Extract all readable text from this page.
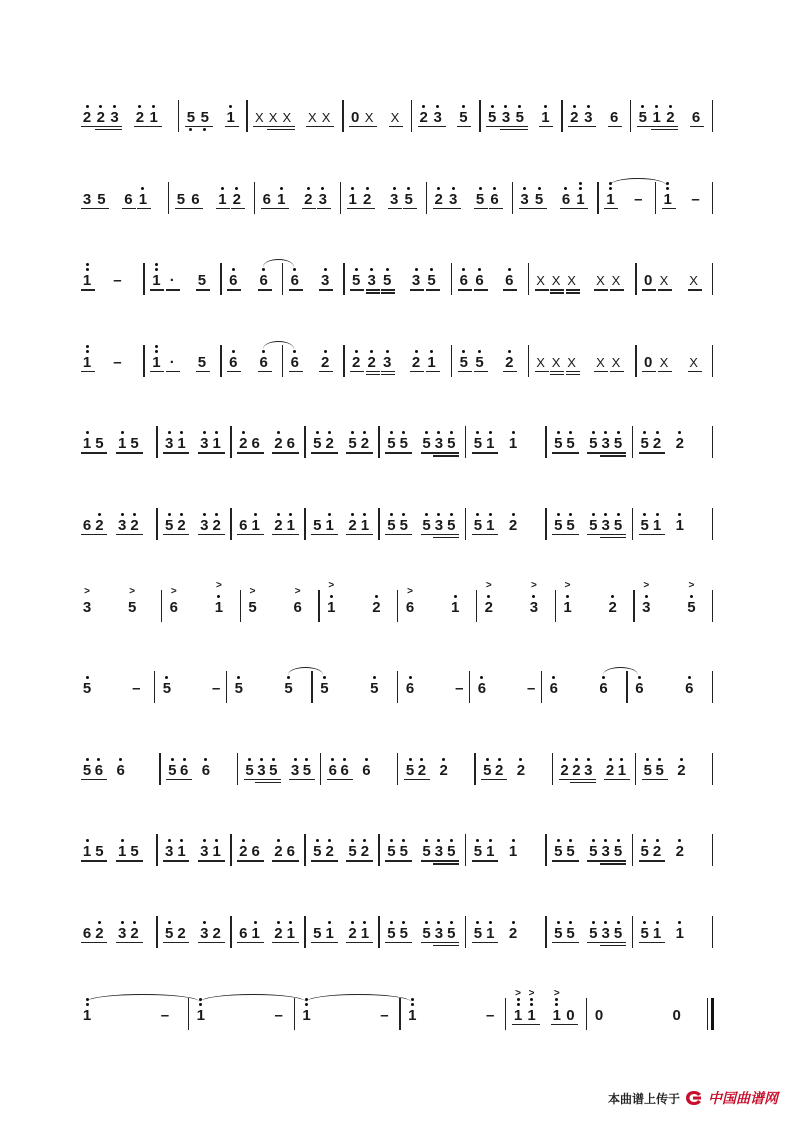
2 2 3 2 1 5 5 1 X X X X X 0 X X 2 3 5 5 3 5 1 2 3 6 5 1 2 6
3 5 6 1 5 6 1 2 6 1 2 3 1 2 3 5 2 3 5 6 3 5 6 1 1 – 1 –
1 – 1 · 5 6 6 6 3 5 3 5 3 5 6 6 6 X X X X X 0 X X
1 – 1 · 5 6 6 6 2 2 2 3 2 1 5 5 2 X X X X X 0 X X
1 5 1 5 3 1 3 1 2 6 2 6 5 2 5 2 5 5 5 3 5 5 1 1 5 5 5 3 5 5 2 2
6 2 3 2 5 2 3 2 6 1 2 1 5 1 2 1 5 5 5 3 5 5 1 2 5 5 5 3 5 5 1 1
3
>
5
>
6
>
1
>
5
>
6
>
1
>
2 6
>
1 2
>
3
>
1
>
2 3
>
5
>
5	– 5	– 5	5 5	5 6	– 6	– 6	6 6	6
5 6 6	5 6 6 5 3 5 3 5 6 6 6 5 2 2 5 2 2 2 2 3 2 1 5 5 2
1 5 1 5 3 1 3 1 2 6 2 6 5 2 5 2 5 5 5 3 5 5 1 1 5 5 5 3 5 5 2 2
6 2 3 2 5 2 3 2 6 1 2 1 5 1 2 1 5 5 5 3 5 5 1 2 5 5 5 3 5 5 1 1
1	– 1	– 1	– 1	– 1
>
1
>
1
>
0 0	0
本曲谱上传于 中国曲谱网
